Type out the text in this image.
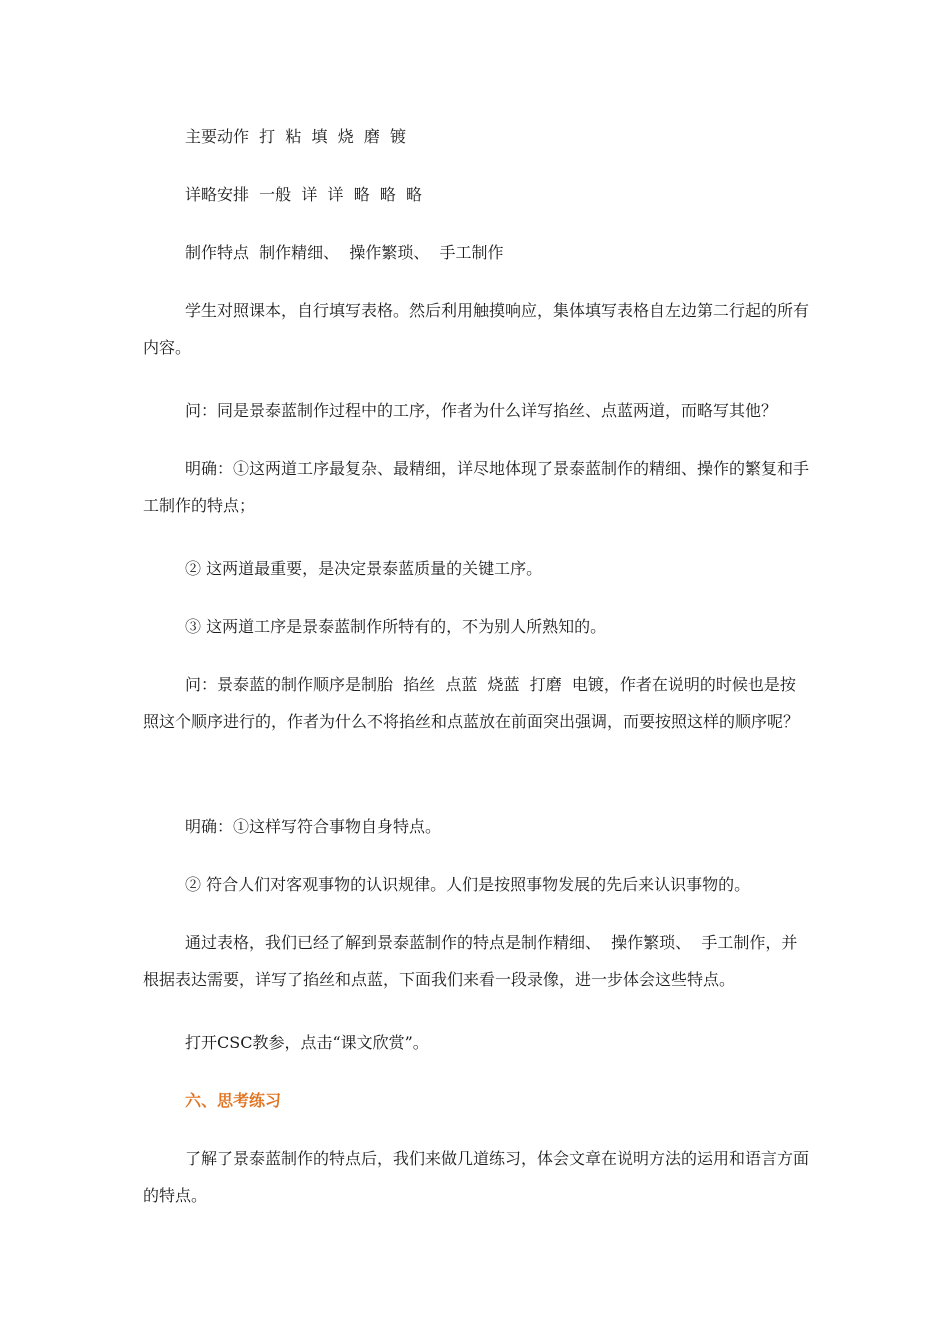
主要动作  打  粘  填  烧  磨  镀

详略安排  一般  详  详  略  略  略

制作特点  制作精细、  操作繁琐、  手工制作

学生对照课本，自行填写表格。然后利用触摸响应，集体填写表格自左边第二行起的所有内容。

问：同是景泰蓝制作过程中的工序，作者为什么详写掐丝、点蓝两道，而略写其他？

明确：①这两道工序最复杂、最精细，详尽地体现了景泰蓝制作的精细、操作的繁复和手工制作的特点；

② 这两道最重要，是决定景泰蓝质量的关键工序。

③ 这两道工序是景泰蓝制作所特有的，不为别人所熟知的。

问：景泰蓝的制作顺序是制胎  掐丝  点蓝  烧蓝  打磨  电镀，作者在说明的时候也是按照这个顺序进行的，作者为什么不将掐丝和点蓝放在前面突出强调，而要按照这样的顺序呢？

明确：①这样写符合事物自身特点。

② 符合人们对客观事物的认识规律。人们是按照事物发展的先后来认识事物的。

通过表格，我们已经了解到景泰蓝制作的特点是制作精细、  操作繁琐、  手工制作，并根据表达需要，详写了掐丝和点蓝，下面我们来看一段录像，进一步体会这些特点。

打开CSC教参，点击“课文欣赏”。

六、思考练习

了解了景泰蓝制作的特点后，我们来做几道练习，体会文章在说明方法的运用和语言方面的特点。
